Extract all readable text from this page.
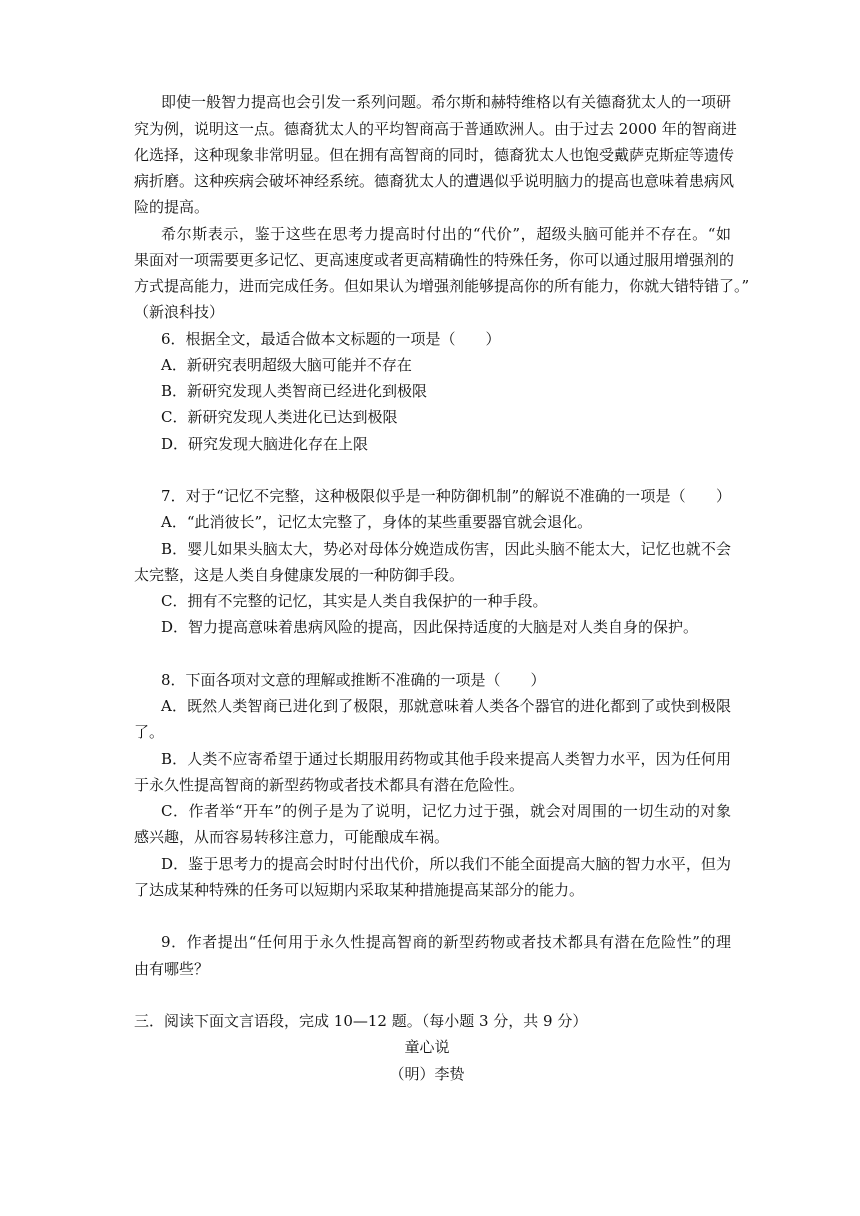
即使一般智力提高也会引发一系列问题。希尔斯和赫特维格以有关德裔犹太人的一项研
究为例，说明这一点。德裔犹太人的平均智商高于普通欧洲人。由于过去 2000 年的智商进
化选择，这种现象非常明显。但在拥有高智商的同时，德裔犹太人也饱受戴萨克斯症等遗传
病折磨。这种疾病会破坏神经系统。德裔犹太人的遭遇似乎说明脑力的提高也意味着患病风
险的提高。
希尔斯表示，鉴于这些在思考力提高时付出的“代价”，超级头脑可能并不存在。“如
果面对一项需要更多记忆、更高速度或者更高精确性的特殊任务，你可以通过服用增强剂的
方式提高能力，进而完成任务。但如果认为增强剂能够提高你的所有能力，你就大错特错了。”
（新浪科技）
6．根据全文，最适合做本文标题的一项是（　　）
A．新研究表明超级大脑可能并不存在
B．新研究发现人类智商已经进化到极限
C．新研究发现人类进化已达到极限
D．研究发现大脑进化存在上限
7．对于“记忆不完整，这种极限似乎是一种防御机制”的解说不准确的一项是（　　）
A．“此消彼长”，记忆太完整了，身体的某些重要器官就会退化。
B．婴儿如果头脑太大，势必对母体分娩造成伤害，因此头脑不能太大，记忆也就不会
太完整，这是人类自身健康发展的一种防御手段。
C．拥有不完整的记忆，其实是人类自我保护的一种手段。
D．智力提高意味着患病风险的提高，因此保持适度的大脑是对人类自身的保护。
8．下面各项对文意的理解或推断不准确的一项是（　　）
A．既然人类智商已进化到了极限，那就意味着人类各个器官的进化都到了或快到极限
了。
B．人类不应寄希望于通过长期服用药物或其他手段来提高人类智力水平，因为任何用
于永久性提高智商的新型药物或者技术都具有潜在危险性。
C．作者举“开车”的例子是为了说明，记忆力过于强，就会对周围的一切生动的对象
感兴趣，从而容易转移注意力，可能酿成车祸。
D．鉴于思考力的提高会时时付出代价，所以我们不能全面提高大脑的智力水平，但为
了达成某种特殊的任务可以短期内采取某种措施提高某部分的能力。
9．作者提出“任何用于永久性提高智商的新型药物或者技术都具有潜在危险性”的理
由有哪些？
三．阅读下面文言语段，完成 10—12 题。（每小题 3 分，共 9 分）
童心说
（明）李贽
